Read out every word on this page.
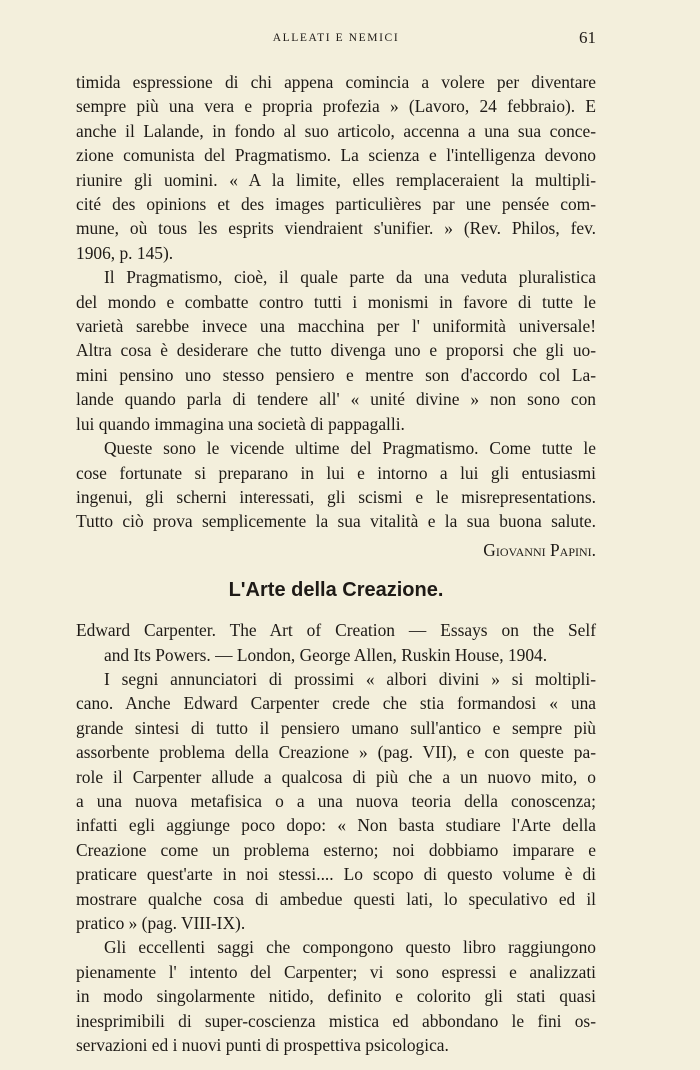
ALLEATI E NEMICI	61
timida espressione di chi appena comincia a volere per diventare
sempre più una vera e propria profezia » (Lavoro, 24 febbraio). E
anche il Lalande, in fondo al suo articolo, accenna a una sua conce-
zione comunista del Pragmatismo. La scienza e l'intelligenza devono
riunire gli uomini. « A la limite, elles remplaceraient la multipli-
cité des opinions et des images particulières par une pensée com-
mune, où tous les esprits viendraient s'unifier. » (Rev. Philos, fev.
1906, p. 145).
Il Pragmatismo, cioè, il quale parte da una veduta pluralistica
del mondo e combatte contro tutti i monismi in favore di tutte le
varietà sarebbe invece una macchina per l' uniformità universale!
Altra cosa è desiderare che tutto divenga uno e proporsi che gli uo-
mini pensino uno stesso pensiero e mentre son d'accordo col La-
lande quando parla di tendere all' « unité divine » non sono con
lui quando immagina una società di pappagalli.
Queste sono le vicende ultime del Pragmatismo. Come tutte le
cose fortunate si preparano in lui e intorno a lui gli entusiasmi
ingenui, gli scherni interessati, gli scismi e le misrepresentations.
Tutto ciò prova semplicemente la sua vitalità e la sua buona salute.
Giovanni Papini.
L'Arte della Creazione.
Edward Carpenter. The Art of Creation — Essays on the Self
and Its Powers. — London, George Allen, Ruskin House, 1904.
I segni annunciatori di prossimi « albori divini » si moltipli-
cano. Anche Edward Carpenter crede che stia formandosi « una
grande sintesi di tutto il pensiero umano sull'antico e sempre più
assorbente problema della Creazione » (pag. VII), e con queste pa-
role il Carpenter allude a qualcosa di più che a un nuovo mito, o
a una nuova metafisica o a una nuova teoria della conoscenza;
infatti egli aggiunge poco dopo: « Non basta studiare l'Arte della
Creazione come un problema esterno; noi dobbiamo imparare e
praticare quest'arte in noi stessi.... Lo scopo di questo volume è di
mostrare qualche cosa di ambedue questi lati, lo speculativo ed il
pratico » (pag. VIII-IX).
Gli eccellenti saggi che compongono questo libro raggiungono
pienamente l' intento del Carpenter; vi sono espressi e analizzati
in modo singolarmente nitido, definito e colorito gli stati quasi
inesprimibili di super-coscienza mistica ed abbondano le fini os-
servazioni ed i nuovi punti di prospettiva psicologica.
